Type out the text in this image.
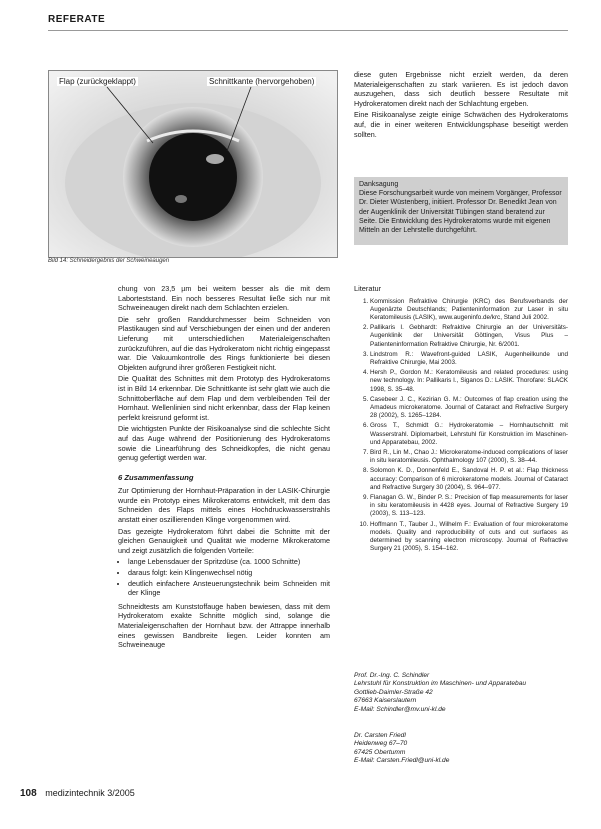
REFERATE
Flap (zurückgeklappt)	Schnittkante (hervorgehoben)
Bild 14: Schneidergebnis der Schweineaugen

diese guten Ergebnisse nicht erzielt werden, da deren Materialeigenschaften zu stark variieren. Es ist jedoch davon auszugehen, dass sich deutlich bessere Resultate mit Hydrokeratomen direkt nach der Schlachtung ergeben.

Eine Risikoanalyse zeigte einige Schwächen des Hydrokeratoms auf, die in einer weiteren Entwicklungsphase beseitigt werden sollten.

Danksagung
Diese Forschungsarbeit wurde von meinem Vorgänger, Professor Dr. Dieter Wüstenberg, initiiert. Professor Dr. Benedikt Jean von der Augenklinik der Universität Tübingen stand beratend zur Seite. Die Entwicklung des Hydrokeratoms wurde mit eigenen Mitteln an der Lehrstelle durchgeführt.

chung von 23,5 µm bei weitem besser als die mit dem Laborteststand. Ein noch besseres Resultat ließe sich nur mit Schweineaugen direkt nach dem Schlachten erzielen.

Die sehr großen Randdurchmesser beim Schneiden von Plastikaugen sind auf Verschiebungen der einen und der anderen Lieferung mit unterschiedlichen Materialeigenschaften zurückzuführen, auf die das Hydrokeratom nicht richtig eingepasst war. Die Vakuumkontrolle des Rings funktionierte bei diesen Objekten aufgrund ihrer größeren Festigkeit nicht.

Die Qualität des Schnittes mit dem Prototyp des Hydrokeratoms ist in Bild 14 erkennbar. Die Schnittkante ist sehr glatt wie auch die Schnittoberfläche auf dem Flap und dem verbleibenden Teil der Hornhaut. Wellenlinien sind nicht erkennbar, dass der Flap keinen perfekt kreisrund geformt ist.

Die wichtigsten Punkte der Risikoanalyse sind die schlechte Sicht auf das Auge während der Positionierung des Hydrokeratoms sowie die Linearführung des Schneidkopfes, die nicht genau genug gefertigt werden war.

6 Zusammenfassung

Zur Optimierung der Hornhaut-Präparation in der LASIK-Chirurgie wurde ein Prototyp eines Mikrokeratoms entwickelt, mit dem das Schneiden des Flaps mittels eines Hochdruckwasserstrahls anstatt einer oszillierenden Klinge vorgenommen wird.

Das gezeigte Hydrokeratom führt dabei die Schnitte mit der gleichen Genauigkeit und Qualität wie moderne Mikrokeratome und zeigt zusätzlich die folgenden Vorteile:

• lange Lebensdauer der Spritzdüse (ca. 1000 Schnitte)
• daraus folgt: kein Klingenwechsel nötig
• deutlich einfachere Ansteuerungstechnik beim Schneiden mit der Klinge

Schneidtests am Kunststoffauge haben bewiesen, dass mit dem Hydrokeratom exakte Schnitte möglich sind, solange die Materialeigenschaften der Hornhaut bzw. der Attrappe innerhalb eines gewissen Bandbreite liegen. Leider konnten am Schweineauge

Literatur
1. Kommission Refraktive Chirurgie (KRC) des Berufsverbands der Augenärzte Deutschlands; Patienteninformation zur Laser in situ Keratomileusis (LASIK), www.augeninfo.de/krc, Stand Juli 2002.
2. Pallikaris I. Gebhardt: Refraktive Chirurgie an der Universitäts-Augenklinik der Universität Göttingen, Visus Plus – Patienteninformation Refraktive Chirurgie, Nr. 6/2001.
3. Lindstrom R.: Wavefront-guided LASIK, Augenheilkunde und Refraktive Chirurgie, Mai 2003.
4. Hersh P., Gordon M.: Keratomileusis and related procedures: using new technology. In: Pallikaris I., Siganos D.: LASIK. Thorofare: SLACK 1998, S. 35–48.
5. Casebeer J. C., Kezirian G. M.: Outcomes of flap creation using the Amadeus microkeratome. Journal of Cataract and Refractive Surgery 28 (2002), S. 1265–1284.
6. Gross T., Schmidt G.: Hydrokeratomie – Hornhautschnitt mit Wasserstrahl. Diplomarbeit, Lehrstuhl für Konstruktion im Maschinen- und Apparatebau, 2002.
7. Bird R., Lin M., Chao J.: Microkeratome-induced complications of laser in situ keratomileusis. Ophthalmology 107 (2000), S. 38–44.
8. Solomon K. D., Donnenfeld E., Sandoval H. P. et al.: Flap thickness accuracy: Comparison of 6 microkeratome models. Journal of Cataract and Refractive Surgery 30 (2004), S. 964–977.
9. Flanagan G. W., Binder P. S.: Precision of flap measurements for laser in situ keratomileusis in 4428 eyes. Journal of Refractive Surgery 19 (2003), S. 113–123.
10. Hoffmann T., Tauber J., Wilhelm F.: Evaluation of four microkeratome models. Quality and reproducibility of cuts and cut surfaces as determined by scanning electron microscopy. Journal of Refractive Surgery 21 (2005), S. 154–162.
Prof. Dr.-Ing. C. Schindler
Lehrstuhl für Konstruktion im Maschinen- und Apparatebau
Gottlieb-Daimler-Straße 42
67663 Kaiserslautern
E-Mail: Schindler@mv.uni-kl.de
Dr. Carsten Friedl
Heidenweg 67–70
67425 Obertumm
E-Mail: Carsten.Friedl@uni-kl.de
108 medizintechnik 3/2005
